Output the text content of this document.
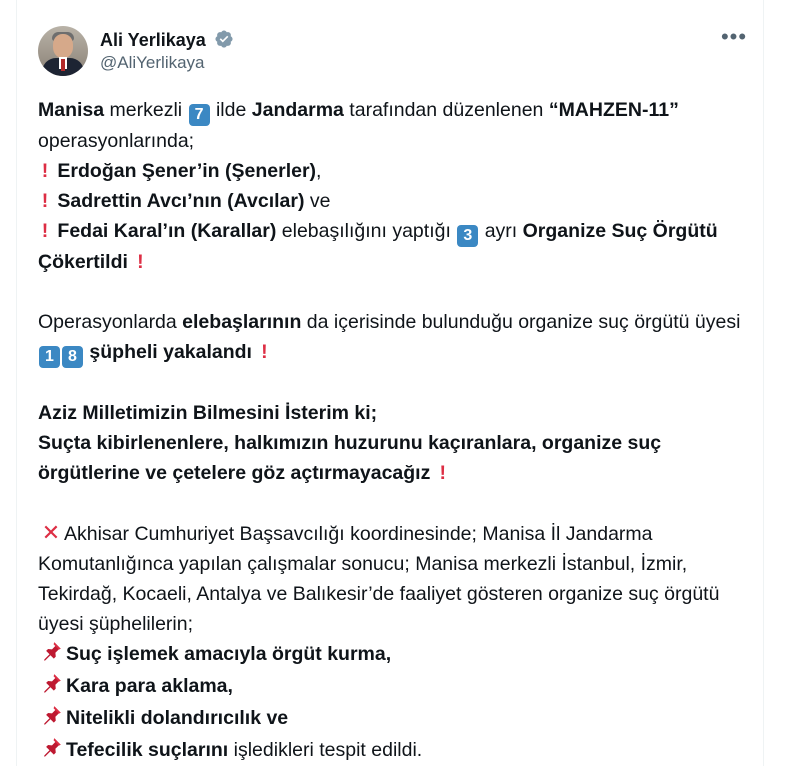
Ali Yerlikaya
@AliYerlikaya
•••

Manisa merkezli 7 ilde Jandarma tarafından düzenlenen “MAHZEN-11” operasyonlarında;
! Erdoğan Şener’in (Şenerler),
! Sadrettin Avcı’nın (Avcılar) ve
! Fedai Karal’ın (Karallar) elebaşılığını yaptığı 3 ayrı Organize Suç Örgütü Çökertildi !

Operasyonlarda elebaşlarının da içerisinde bulunduğu organize suç örgütü üyesi 1 8 şüpheli yakalandı !

Aziz Milletimizin Bilmesini İsterim ki;
Suçta kibirlenenlere, halkımızın huzurunu kaçıranlara, organize suç örgütlerine ve çetelere göz açtırmayacağız !

✕ Akhisar Cumhuriyet Başsavcılığı koordinesinde; Manisa İl Jandarma Komutanlığınca yapılan çalışmalar sonucu; Manisa merkezli İstanbul, İzmir, Tekirdağ, Kocaeli, Antalya ve Balıkesir’de faaliyet gösteren organize suç örgütü üyesi şüphelilerin;
Suç işlemek amacıyla örgüt kurma,
Kara para aklama,
Nitelikli dolandırıcılık ve
Tefecilik suçlarını işledikleri tespit edildi.
